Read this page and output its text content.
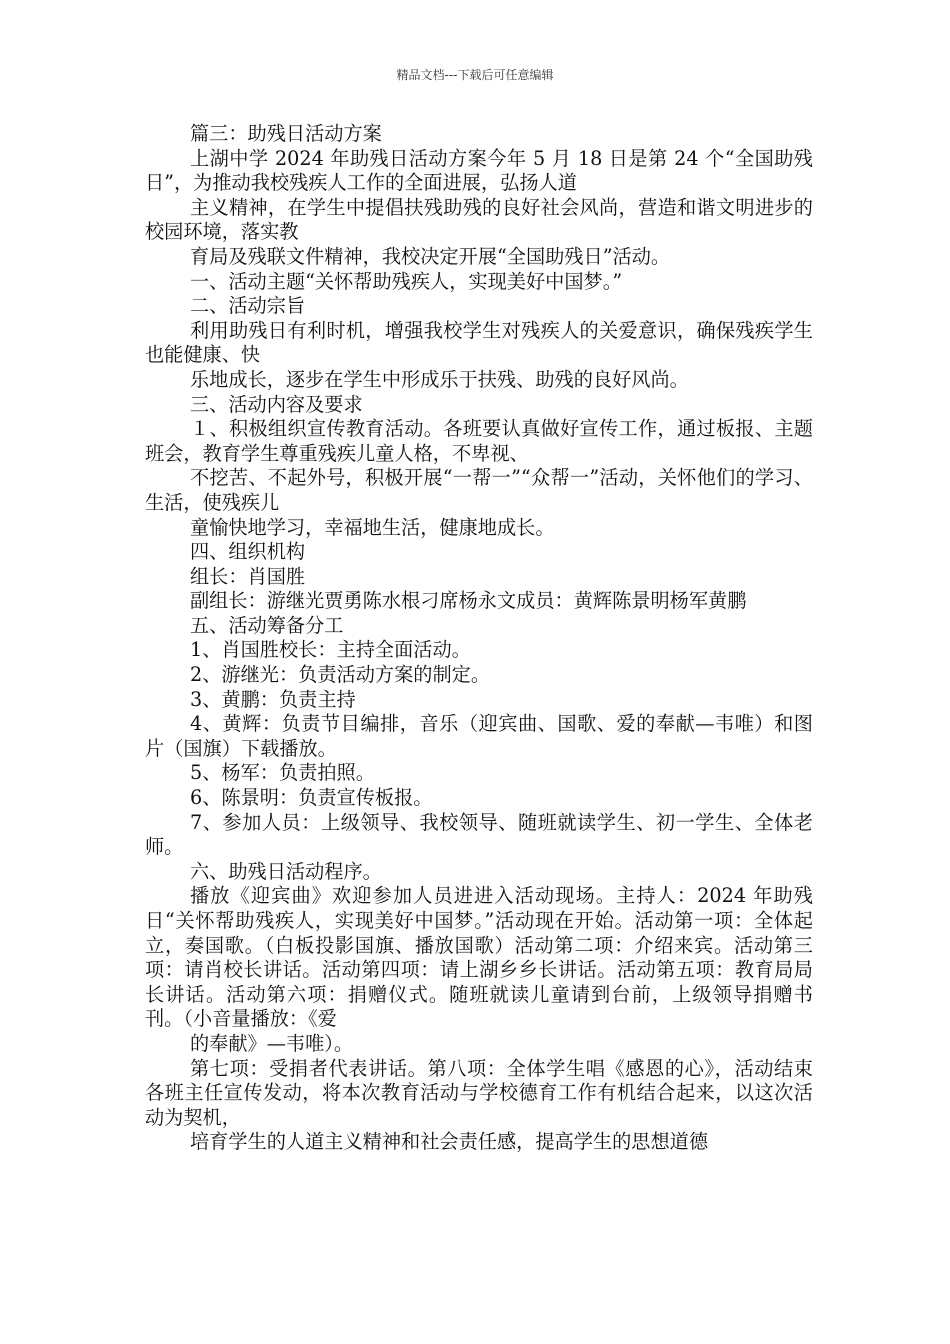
精品文档---下载后可任意编辑

篇三：助残日活动方案

上湖中学 2024 年助残日活动方案今年 5 月 18 日是第 24 个“全国助残日”，为推动我校残疾人工作的全面进展，弘扬人道

主义精神，在学生中提倡扶残助残的良好社会风尚，营造和谐文明进步的校园环境，落实教

育局及残联文件精神，我校决定开展“全国助残日”活动。

一、活动主题“关怀帮助残疾人，实现美好中国梦。”

二、活动宗旨

利用助残日有利时机，增强我校学生对残疾人的关爱意识，确保残疾学生也能健康、快

乐地成长，逐步在学生中形成乐于扶残、助残的良好风尚。

三、活动内容及要求

１、积极组织宣传教育活动。各班要认真做好宣传工作，通过板报、主题班会，教育学生尊重残疾儿童人格，不卑视、

不挖苦、不起外号，积极开展“一帮一”“众帮一”活动，关怀他们的学习、生活，使残疾儿

童愉快地学习，幸福地生活，健康地成长。

四、组织机构

组长：肖国胜

副组长：游继光贾勇陈水根刁席杨永文成员：黄辉陈景明杨军黄鹏

五、活动筹备分工

1、肖国胜校长：主持全面活动。

2、游继光：负责活动方案的制定。

3、黄鹏：负责主持

4、黄辉：负责节目编排，音乐（迎宾曲、国歌、爱的奉献—韦唯）和图片（国旗）下载播放。

5、杨军：负责拍照。

6、陈景明：负责宣传板报。

7、参加人员：上级领导、我校领导、随班就读学生、初一学生、全体老师。

六、助残日活动程序。

播放《迎宾曲》欢迎参加人员进进入活动现场。主持人：2024 年助残日“关怀帮助残疾人，实现美好中国梦。”活动现在开始。活动第一项：全体起立，奏国歌。（白板投影国旗、播放国歌）活动第二项：介绍来宾。活动第三项：请肖校长讲话。活动第四项：请上湖乡乡长讲话。活动第五项：教育局局长讲话。活动第六项：捐赠仪式。随班就读儿童请到台前，上级领导捐赠书刊。（小音量播放：《爱

的奉献》—韦唯）。

第七项：受捐者代表讲话。第八项：全体学生唱《感恩的心》，活动结束各班主任宣传发动，将本次教育活动与学校德育工作有机结合起来，以这次活动为契机，

培育学生的人道主义精神和社会责任感，提高学生的思想道德
